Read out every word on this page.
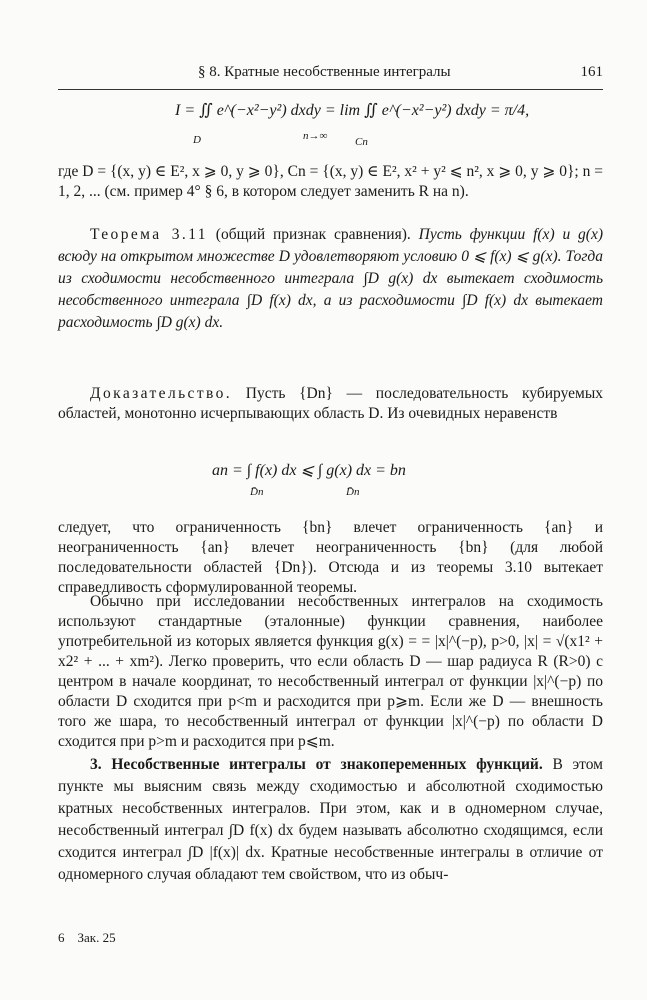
§ 8. Кратные несобственные интегралы	161
I = ∬ e^(−x²−y²) dxdy = lim ∬ e^(−x²−y²) dxdy = π/4,
D	n→∞	Cn

где D = {(x, y) ∈ E², x ⩾ 0, y ⩾ 0}, Cn = {(x, y) ∈ E², x² + y² ⩽ n², x ⩾ 0, y ⩾ 0}; n = 1, 2, ... (см. пример 4° § 6, в котором следует заменить R на n).

Теорема 3.11 (общий признак сравнения). Пусть функции f(x) и g(x) всюду на открытом множестве D удовлетворяют условию 0 ⩽ f(x) ⩽ g(x). Тогда из сходимости несобственного интеграла ∫D g(x) dx вытекает сходимость несобственного интеграла ∫D f(x) dx, а из расходимости ∫D f(x) dx вытекает расходимость ∫D g(x) dx.

Доказательство. Пусть {Dn} — последовательность кубируемых областей, монотонно исчерпывающих область D. Из очевидных неравенств

an = ∫ f(x) dx ⩽ ∫ g(x) dx = bn
D̄n	D̄n

следует, что ограниченность {bn} влечет ограниченность {an} и неограниченность {an} влечет неограниченность {bn} (для любой последовательности областей {Dn}). Отсюда и из теоремы 3.10 вытекает справедливость сформулированной теоремы.

Обычно при исследовании несобственных интегралов на сходимость используют стандартные (эталонные) функции сравнения, наиболее употребительной из которых является функция g(x) = = |x|^(−p), p>0, |x| = √(x1² + x2² + ... + xm²). Легко проверить, что если область D — шар радиуса R (R>0) с центром в начале координат, то несобственный интеграл от функции |x|^(−p) по области D сходится при p<m и расходится при p⩾m. Если же D — внешность того же шара, то несобственный интеграл от функции |x|^(−p) по области D сходится при p>m и расходится при p⩽m.

3. Несобственные интегралы от знакопеременных функций. В этом пункте мы выясним связь между сходимостью и абсолютной сходимостью кратных несобственных интегралов. При этом, как и в одномерном случае, несобственный интеграл ∫D f(x) dx будем называть абсолютно сходящимся, если сходится интеграл ∫D |f(x)| dx. Кратные несобственные интегралы в отличие от одномерного случая обладают тем свойством, что из обыч-

6 Зак. 25
